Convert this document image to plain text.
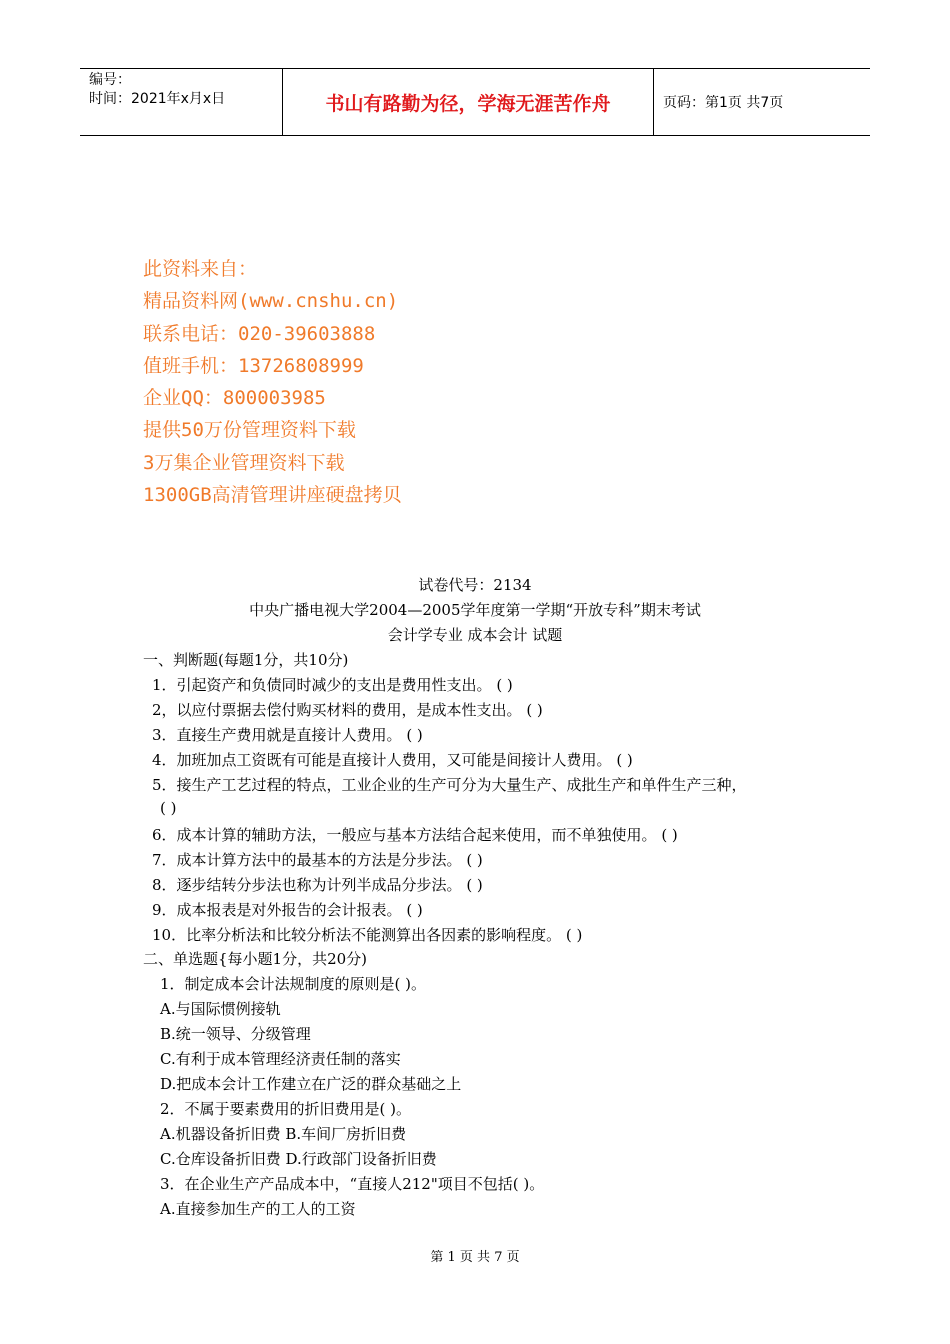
编号：
时间：2021年x月x日	书山有路勤为径，学海无涯苦作舟	页码：第1页 共7页
此资料来自：
精品资料网(www.cnshu.cn)
联系电话：020-39603888
值班手机：13726808999
企业QQ：800003985
提供50万份管理资料下载
3万集企业管理资料下载
1300GB高清管理讲座硬盘拷贝
试卷代号：2134
中央广播电视大学2004—2005学年度第一学期“开放专科”期末考试
会计学专业 成本会计 试题
一、判断题(每题1分，共10分)
1．引起资产和负债同时减少的支出是费用性支出。 ( )
2，以应付票据去偿付购买材料的费用，是成本性支出。 ( )
3．直接生产费用就是直接计人费用。 ( )
4．加班加点工资既有可能是直接计人费用，又可能是间接计人费用。 ( )
5．接生产工艺过程的特点，工业企业的生产可分为大量生产、成批生产和单件生产三种，
( )
6．成本计算的辅助方法，一般应与基本方法结合起来使用，而不单独使用。 ( )
7．成本计算方法中的最基本的方法是分步法。 ( )
8．逐步结转分步法也称为计列半成品分步法。 ( )
9．成本报表是对外报告的会计报表。 ( )
10．比率分析法和比较分析法不能测算出各因素的影响程度。 ( )
二、单选题{每小题1分，共20分)
1．制定成本会计法规制度的原则是( )。
A.与国际惯例接轨
B.统一领导、分级管理
C.有利于成本管理经济责任制的落实
D.把成本会计工作建立在广泛的群众基础之上
2．不属于要素费用的折旧费用是( )。
A.机器设备折旧费 B.车间厂房折旧费
C.仓库设备折旧费 D.行政部门设备折旧费
3．在企业生产产品成本中，“直接人212"项目不包括( )。
A.直接参加生产的工人的工资
第 1 页 共 7 页
